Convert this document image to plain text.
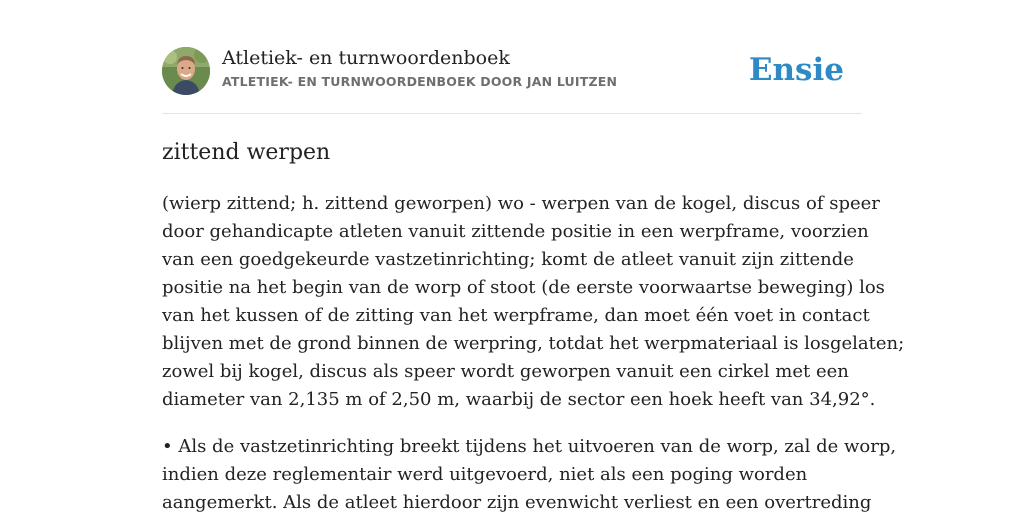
Atletiek- en turnwoordenboek
ATLETIEK- EN TURNWOORDENBOEK DOOR JAN LUITZEN	Ensie
zittend werpen

(wierp zittend; h. zittend geworpen) wo - werpen van de kogel, discus of speer
door gehandicapte atleten vanuit zittende positie in een werpframe, voorzien
van een goedgekeurde vastzetinrichting; komt de atleet vanuit zijn zittende
positie na het begin van de worp of stoot (de eerste voorwaartse beweging) los
van het kussen of de zitting van het werpframe, dan moet één voet in contact
blijven met de grond binnen de werpring, totdat het werpmateriaal is losgelaten;
zowel bij kogel, discus als speer wordt geworpen vanuit een cirkel met een
diameter van 2,135 m of 2,50 m, waarbij de sector een hoek heeft van 34,92°.

• Als de vastzetinrichting breekt tijdens het uitvoeren van de worp, zal de worp,
indien deze reglementair werd uitgevoerd, niet als een poging worden
aangemerkt. Als de atleet hierdoor zijn evenwicht verliest en een overtreding
